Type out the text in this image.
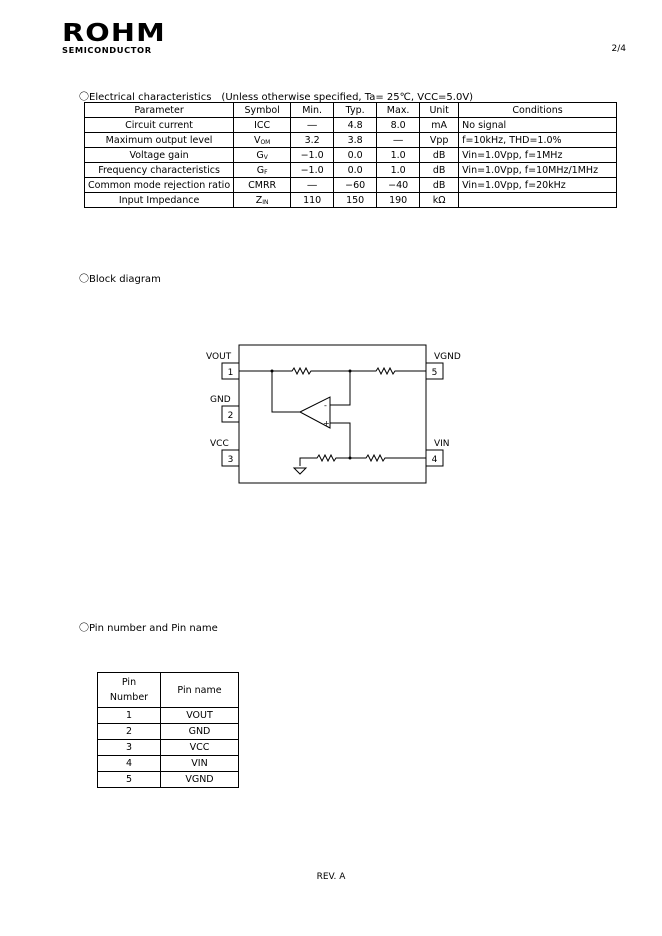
ROHM
SEMICONDUCTOR	2/4
〇Electrical characteristics　(Unless otherwise specified, Ta= 25℃, VCC=5.0V)
Parameter	Symbol	Min.	Typ.	Max.	Unit	Conditions
Circuit current	ICC	―	4.8	8.0	mA	No signal
Maximum output level	$V_{OM}$	3.2	3.8	―	Vpp	f=10kHz, THD=1.0%
Voltage gain	$G_V$	−1.0	0.0	1.0	dB	Vin=1.0Vpp, f=1MHz
Frequency characteristics	$G_F$	−1.0	0.0	1.0	dB	Vin=1.0Vpp, f=10MHz/1MHz
Common mode rejection ratio	CMRR	―	−60	−40	dB	Vin=1.0Vpp, f=20kHz
Input Impedance	$Z_{IN}$	110	150	190	kΩ	
〇Block diagram
1
2
3	4
5
VOUT
GND
VCC	VIN
VGND
-
+
〇Pin number and Pin name
Pin
Number	Pin name
1	VOUT
2	GND
3	VCC
4	VIN
5	VGND
REV. A
